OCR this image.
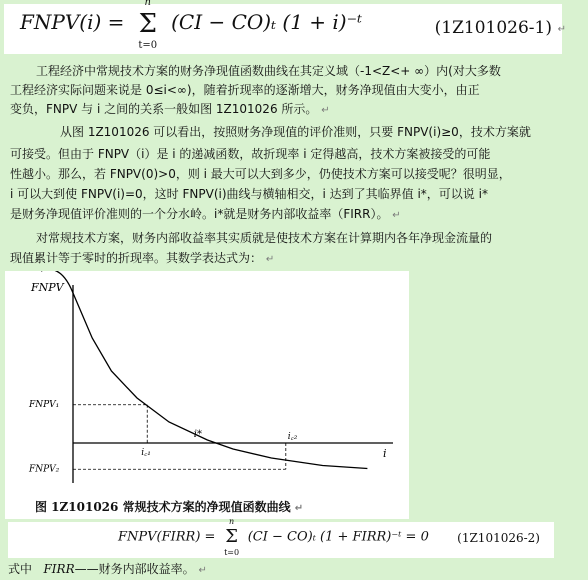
FNPV(i) =
n
Σ
t=0
(CI − CO)ₜ (1 + i)⁻ᵗ	(1Z101026-1) ↵
工程经济中常规技术方案的财务净现值函数曲线在其定义域（-1<Z<+ ∞）内(对大多数
工程经济实际问题来说是 0≤i<∞)，随着折现率的逐渐增大，财务净现值由大变小，由正
变负，FNPV 与 i 之间的关系一般如图 1Z101026 所示。 ↵
从图 1Z101026 可以看出，按照财务净现值的评价准则，只要 FNPV(i)≥0，技术方案就
可接受。但由于 FNPV（i）是 i 的递减函数，故折现率 i 定得越高，技术方案被接受的可能
性越小。那么，若 FNPV(0)>0，则 i 最大可以大到多少，仍使技术方案可以接受呢？很明显，
i 可以大到使 FNPV(i)=0，这时 FNPV(i)曲线与横轴相交，i 达到了其临界值 i*，可以说 i*
是财务净现值评价准则的一个分水岭。i*就是财务内部收益率（FIRR）。 ↵
对常规技术方案，财务内部收益率其实质就是使技术方案在计算期内各年净现金流量的
现值累计等于零时的折现率。其数学表达式为： ↵
FNPV
i
FNPV₁
FNPV₂
i꜀₁
i꜀₂
i*
图 1Z101026 常规技术方案的净现值函数曲线 ↵
FNPV(FIRR) =
n
Σ
t=0
(CI − CO)ₜ (1 + FIRR)⁻ᵗ = 0 (1Z101026-2)
式中 FIRR——财务内部收益率。 ↵
